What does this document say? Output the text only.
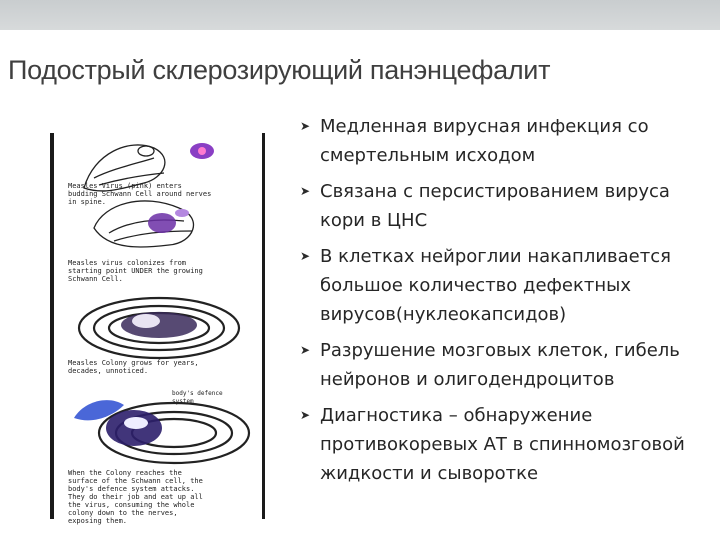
Подострый склерозирующий панэнцефалит
Measles Virus (pink) enters budding Schwann Cell around nerves in spine.
Measles virus colonizes from starting point UNDER the growing Schwann Cell.
Measles Colony grows for years, decades, unnoticed.
body's defence system
When the Colony reaches the surface of the Schwann cell, the body's defence system attacks. They do their job and eat up all the virus, consuming the whole colony down to the nerves, exposing them.
➤ Медленная вирусная инфекция со смертельным исходом
➤ Связана с персистированием вируса кори в ЦНС
➤ В клетках нейроглии накапливается большое количество дефектных вирусов(нуклеокапсидов)
➤ Разрушение мозговых клеток, гибель нейронов и олигодендроцитов
➤ Диагностика – обнаружение противокоревых АТ в спинномозговой жидкости и сыворотке
